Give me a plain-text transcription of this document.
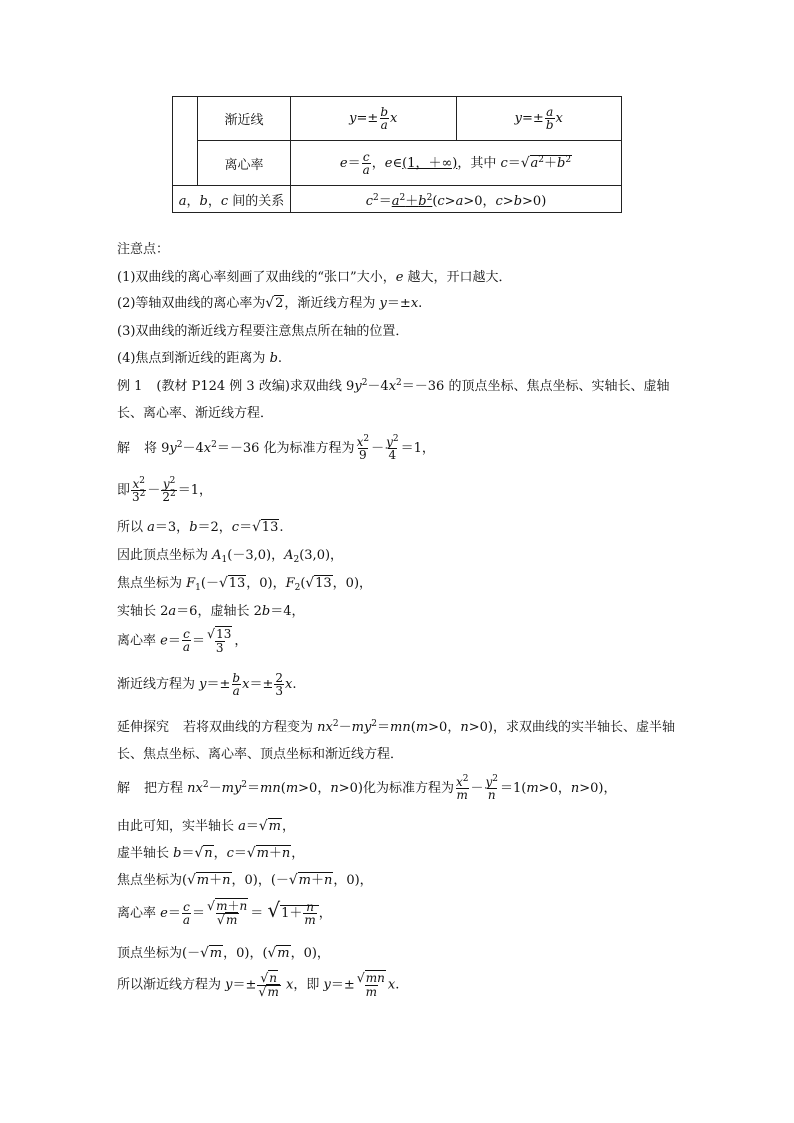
	渐近线	$y=\pm \frac{b}{a}$ x	$y=\pm \frac{a}{b}$ x
	离心率	$e= \frac{c}{a}$ ，e∈(1，＋∞)，其中 $c=√a^2+b^2$
a，b，c 间的关系		$c^2=a^2+b^2(c>a>0$，c>b>0)	
注意点：
(1)双曲线的离心率刻画了双曲线的“张口”大小，e 越大，开口越大．
(2)等轴双曲线的离心率为√2，渐近线方程为 y＝±x.
(3)双曲线的渐近线方程要注意焦点所在轴的位置．
(4)焦点到渐近线的距离为 b.
例 1 (教材 P124 例 3 改编)求双曲线 $9y^2-4x^2=-36$ 的顶点坐标、焦点坐标、实轴长、虚轴
长、离心率、渐近线方程．
解 将 $9y^2-4x^2=-36$ 化为标准方程为 $\frac{x^2}{9} - \frac{y^2}{4} =1$，
即 $\frac{x^2}{3^2} - \frac{y^2}{2^2} =1$，
所以 a＝3，b＝2，c＝√13.
因此顶点坐标为 $A_1(-3,0)$，$A_2(3,0)$，
焦点坐标为 $F_1(-√13$，0)，$F_2(√13$，0)，
实轴长 2a＝6，虚轴长 2b＝4，
离心率 $e= \frac{c}{a} = \frac{√13}{3}$ ，
渐近线方程为 $y=\pm \frac{b}{a} x=\pm \frac{2}{3} x$.
延伸探究 若将双曲线的方程变为 $nx^2-my^2=mn(m>0$，n>0)，求双曲线的实半轴长、虚半轴
长、焦点坐标、离心率、顶点坐标和渐近线方程．
解 把方程 $nx^2-my^2=mn(m>0$，n>0)化为标准方程为 $\frac{x^2}{m} - \frac{y^2}{n} =1(m>0$，n>0)，
由此可知，实半轴长 a＝√m，
虚半轴长 b＝√n，c＝√m＋n，
焦点坐标为(√m＋n，0)，(－√m＋n，0)，
离心率 $e= \frac{c}{a} = \frac{√m+n}{√m} = √1+ \frac{n}{m}$ ，
顶点坐标为(－√m，0)，(√m，0)，
所以渐近线方程为 $y=\pm \frac{√n}{√m}$ x，即 $y=\pm \frac{√mn}{m} x$.
